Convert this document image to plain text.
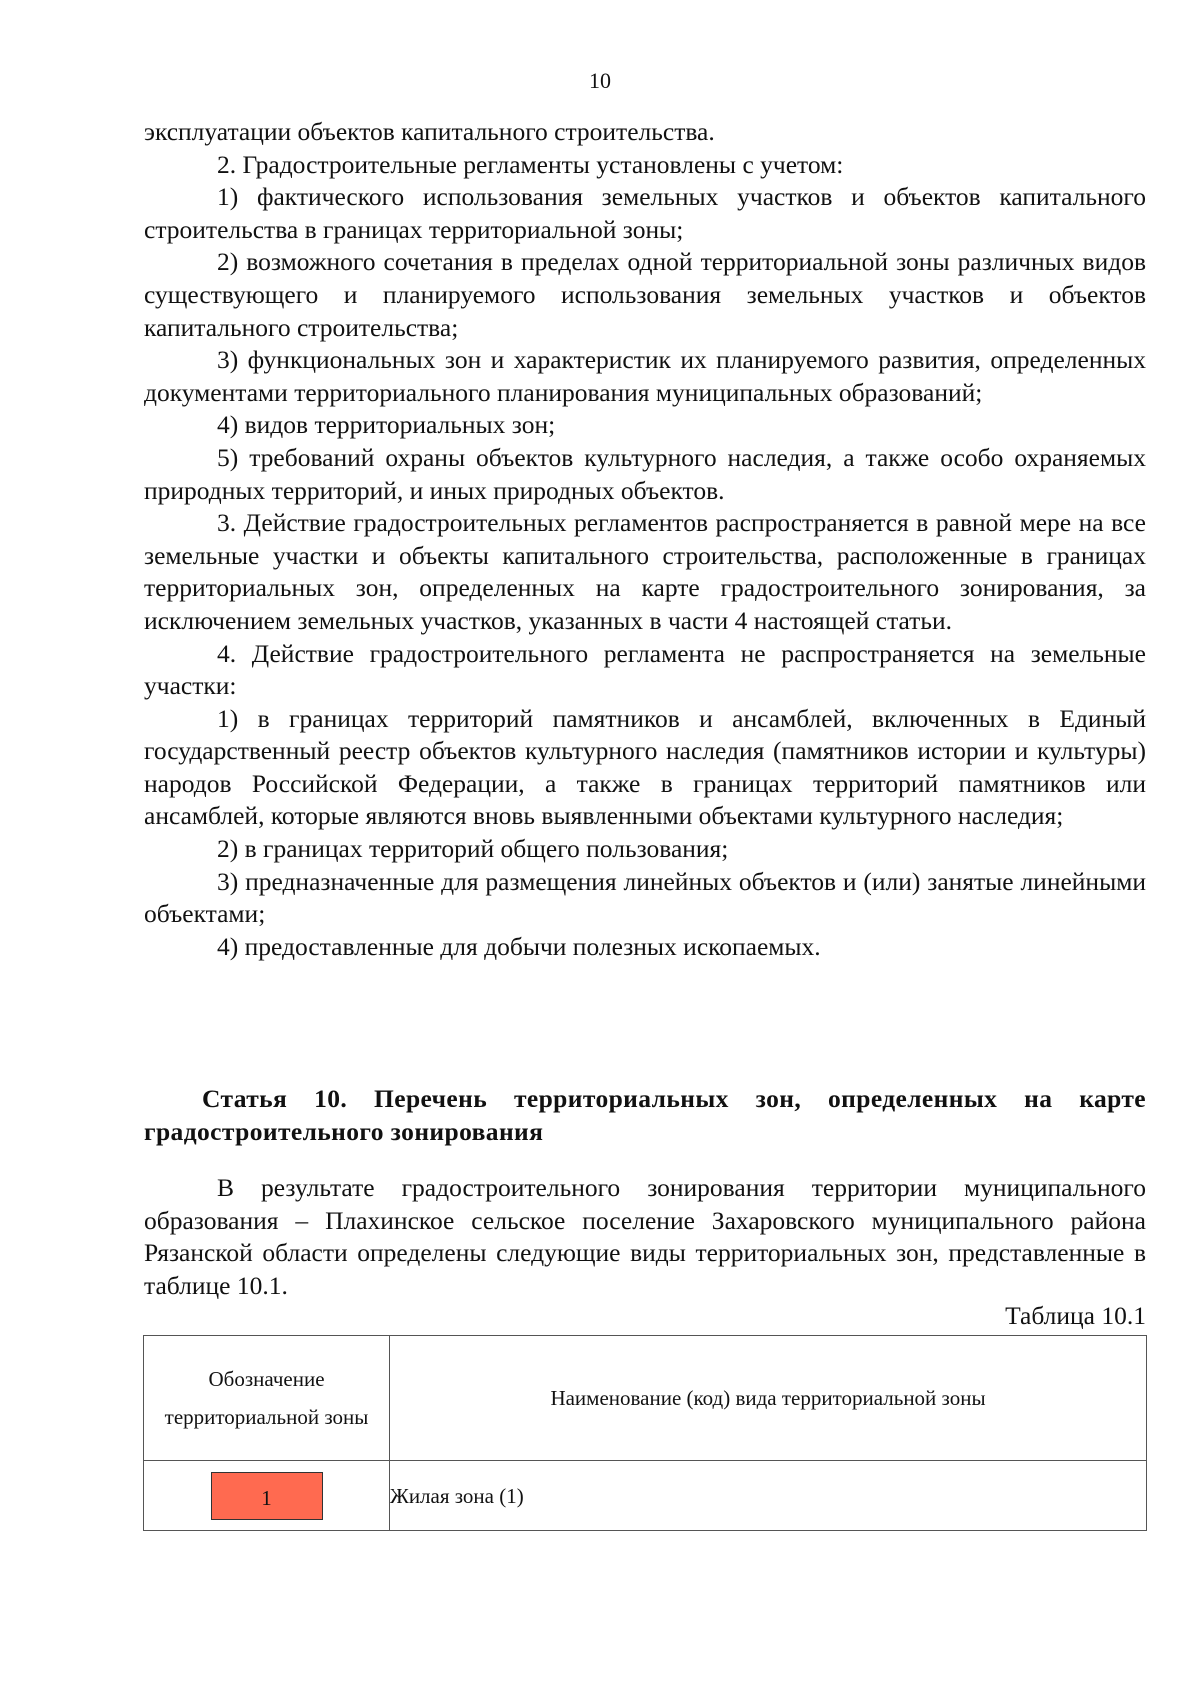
10

эксплуатации объектов капитального строительства.

2. Градостроительные регламенты установлены с учетом:

1) фактического использования земельных участков и объектов капитального строительства в границах территориальной зоны;

2) возможного сочетания в пределах одной территориальной зоны различных видов существующего и планируемого использования земельных участков и объектов капитального строительства;

3) функциональных зон и характеристик их планируемого развития, определенных документами территориального планирования муниципальных образований;

4) видов территориальных зон;

5) требований охраны объектов культурного наследия, а также особо охраняемых природных территорий, и иных природных объектов.

3. Действие градостроительных регламентов распространяется в равной мере на все земельные участки и объекты капитального строительства, расположенные в границах территориальных зон, определенных на карте градостроительного зонирования, за исключением земельных участков, указанных в части 4 настоящей статьи.

4. Действие градостроительного регламента не распространяется на земельные участки:

1) в границах территорий памятников и ансамблей, включенных в Единый государственный реестр объектов культурного наследия (памятников истории и культуры) народов Российской Федерации, а также в границах территорий памятников или ансамблей, которые являются вновь выявленными объектами культурного наследия;

2) в границах территорий общего пользования;

3) предназначенные для размещения линейных объектов и (или) занятые линейными объектами;

4) предоставленные для добычи полезных ископаемых.

Статья 10. Перечень территориальных зон, определенных на карте градостроительного зонирования

В результате градостроительного зонирования территории муниципального образования – Плахинское сельское поселение Захаровского муниципального района Рязанской области определены следующие виды территориальных зон, представленные в таблице 10.1.

Таблица 10.1
Обозначение территориальной зоны	Наименование (код) вида территориальной зоны

1	Жилая зона (1)
